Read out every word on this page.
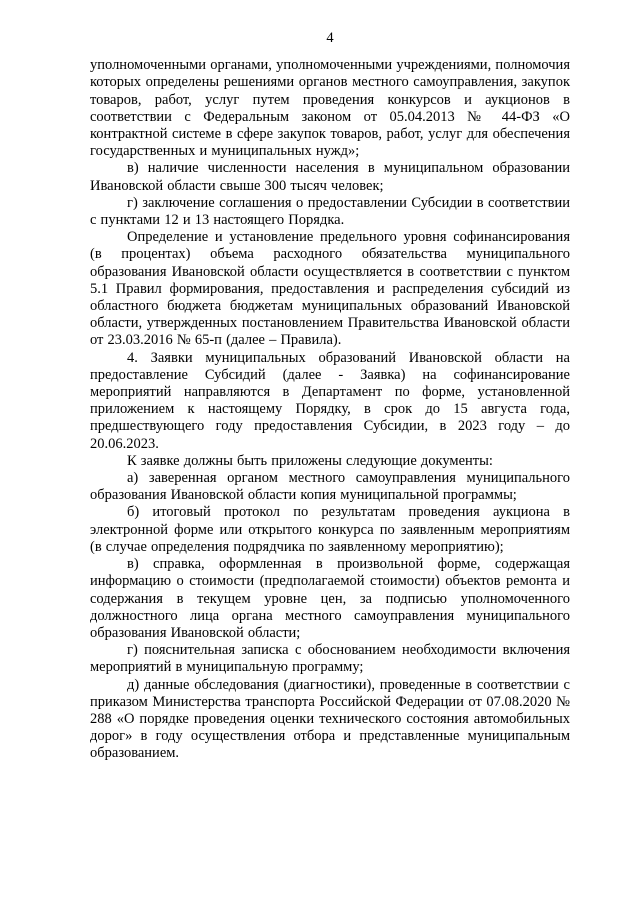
4

уполномоченными органами, уполномоченными учреждениями, полномочия которых определены решениями органов местного самоуправления, закупок товаров, работ, услуг путем проведения конкурсов и аукционов в соответствии с Федеральным законом от 05.04.2013 № 44-ФЗ «О контрактной системе в сфере закупок товаров, работ, услуг для обеспечения государственных и муниципальных нужд»;

в) наличие численности населения в муниципальном образовании Ивановской области свыше 300 тысяч человек;

г) заключение соглашения о предоставлении Субсидии в соответствии с пунктами 12 и 13 настоящего Порядка.

Определение и установление предельного уровня софинансирования (в процентах) объема расходного обязательства муниципального образования Ивановской области осуществляется в соответствии с пунктом 5.1 Правил формирования, предоставления и распределения субсидий из областного бюджета бюджетам муниципальных образований Ивановской области, утвержденных постановлением Правительства Ивановской области от 23.03.2016 № 65-п (далее – Правила).

4. Заявки муниципальных образований Ивановской области на предоставление Субсидий (далее - Заявка) на софинансирование мероприятий направляются в Департамент по форме, установленной приложением к настоящему Порядку, в срок до 15 августа года, предшествующего году предоставления Субсидии, в 2023 году – до 20.06.2023.

К заявке должны быть приложены следующие документы:

а) заверенная органом местного самоуправления муниципального образования Ивановской области копия муниципальной программы;

б) итоговый протокол по результатам проведения аукциона в электронной форме или открытого конкурса по заявленным мероприятиям (в случае определения подрядчика по заявленному мероприятию);

в) справка, оформленная в произвольной форме, содержащая информацию о стоимости (предполагаемой стоимости) объектов ремонта и содержания в текущем уровне цен, за подписью уполномоченного должностного лица органа местного самоуправления муниципального образования Ивановской области;

г) пояснительная записка с обоснованием необходимости включения мероприятий в муниципальную программу;

д) данные обследования (диагностики), проведенные в соответствии с приказом Министерства транспорта Российской Федерации от 07.08.2020 № 288 «О порядке проведения оценки технического состояния автомобильных дорог» в году осуществления отбора и представленные муниципальным образованием.
